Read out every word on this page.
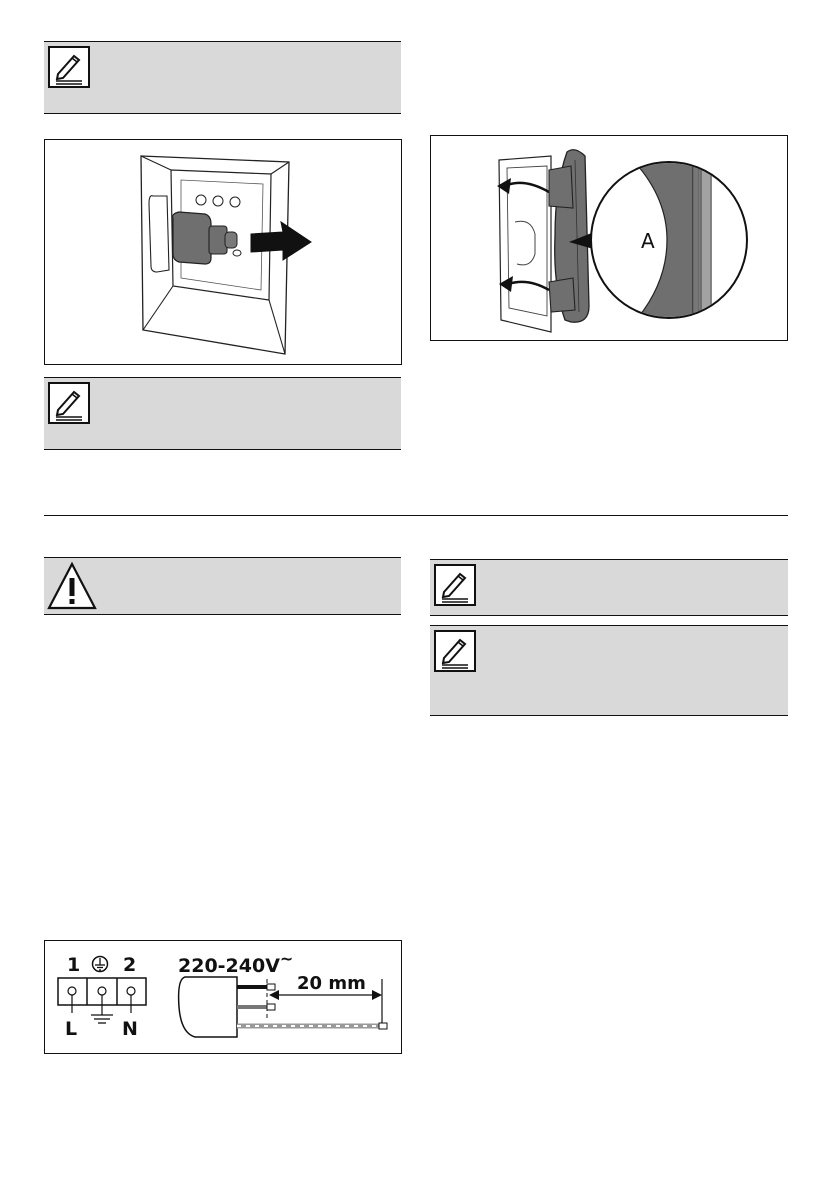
A
1 2
L N
220-240V~
20 mm
